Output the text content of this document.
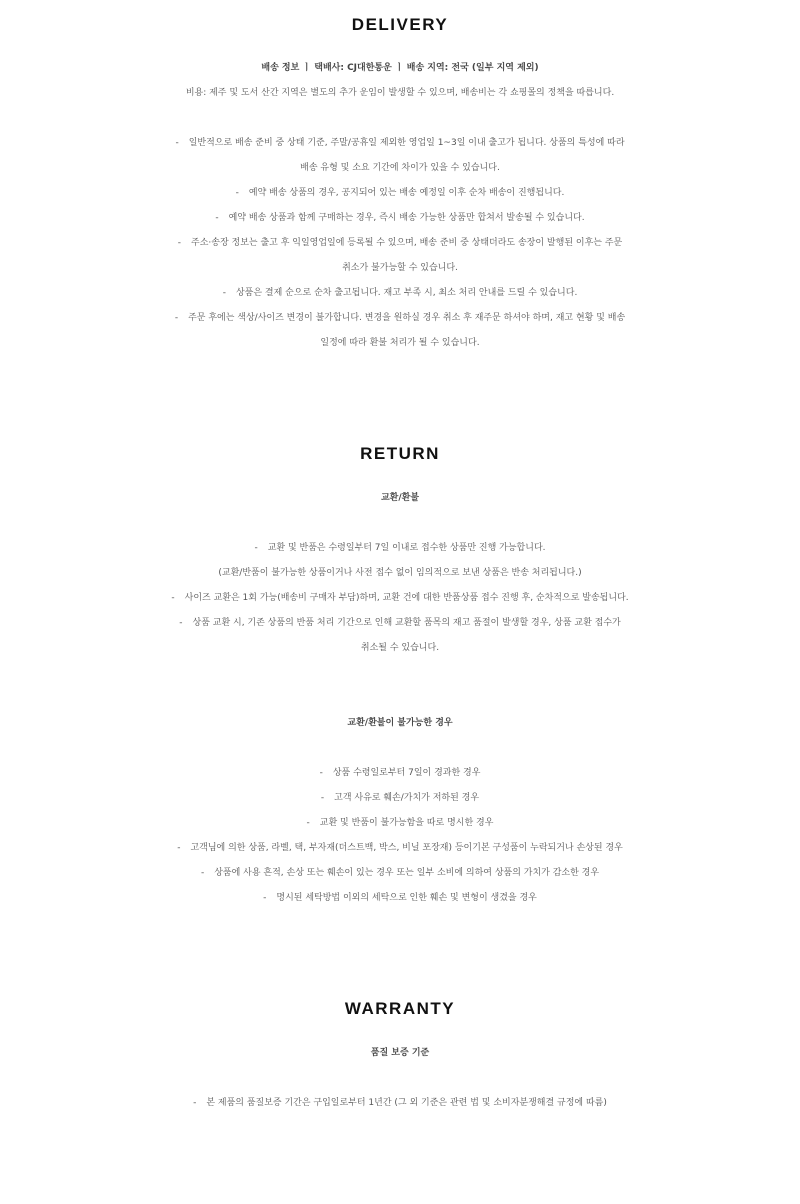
DELIVERY

배송 정보 ㅣ 택배사: CJ대한통운 ㅣ 배송 지역: 전국 (일부 지역 제외)

비용: 제주 및 도서 산간 지역은 별도의 추가 운임이 발생할 수 있으며, 배송비는 각 쇼핑몰의 정책을 따릅니다.

- 일반적으로 배송 준비 중 상태 기준, 주말/공휴일 제외한 영업일 1~3일 이내 출고가 됩니다. 상품의 특성에 따라

배송 유형 및 소요 기간에 차이가 있을 수 있습니다.

- 예약 배송 상품의 경우, 공지되어 있는 배송 예정일 이후 순차 배송이 진행됩니다.

- 예약 배송 상품과 함께 구매하는 경우, 즉시 배송 가능한 상품만 합쳐서 발송될 수 있습니다.

- 주소·송장 정보는 출고 후 익일영업일에 등록될 수 있으며, 배송 준비 중 상태더라도 송장이 발행된 이후는 주문

취소가 불가능할 수 있습니다.

- 상품은 결제 순으로 순차 출고됩니다. 재고 부족 시, 최소 처리 안내를 드릴 수 있습니다.

- 주문 후에는 색상/사이즈 변경이 불가합니다. 변경을 원하실 경우 취소 후 재주문 하셔야 하며, 재고 현황 및 배송

일정에 따라 환불 처리가 될 수 있습니다.

RETURN

교환/환불

- 교환 및 반품은 수령일부터 7일 이내로 접수한 상품만 진행 가능합니다.

(교환/반품이 불가능한 상품이거나 사전 접수 없이 임의적으로 보낸 상품은 반송 처리됩니다.)

- 사이즈 교환은 1회 가능(배송비 구매자 부담)하며, 교환 건에 대한 반품상품 접수 진행 후, 순차적으로 발송됩니다.

- 상품 교환 시, 기존 상품의 반품 처리 기간으로 인해 교환할 품목의 재고 품절이 발생할 경우, 상품 교환 접수가

취소될 수 있습니다.

교환/환불이 불가능한 경우

- 상품 수령일로부터 7일이 경과한 경우

- 고객 사유로 훼손/가치가 저하된 경우

- 교환 및 반품이 불가능함을 따로 명시한 경우

- 고객님에 의한 상품, 라벨, 택, 부자재(더스트백, 박스, 비닐 포장재) 등이기본 구성품이 누락되거나 손상된 경우

- 상품에 사용 흔적, 손상 또는 훼손이 있는 경우 또는 일부 소비에 의하여 상품의 가치가 감소한 경우

- 명시된 세탁방법 이외의 세탁으로 인한 훼손 및 변형이 생겼을 경우

WARRANTY

품질 보증 기준

- 본 제품의 품질보증 기간은 구입일로부터 1년간 (그 외 기준은 관련 법 및 소비자분쟁해결 규정에 따름)
